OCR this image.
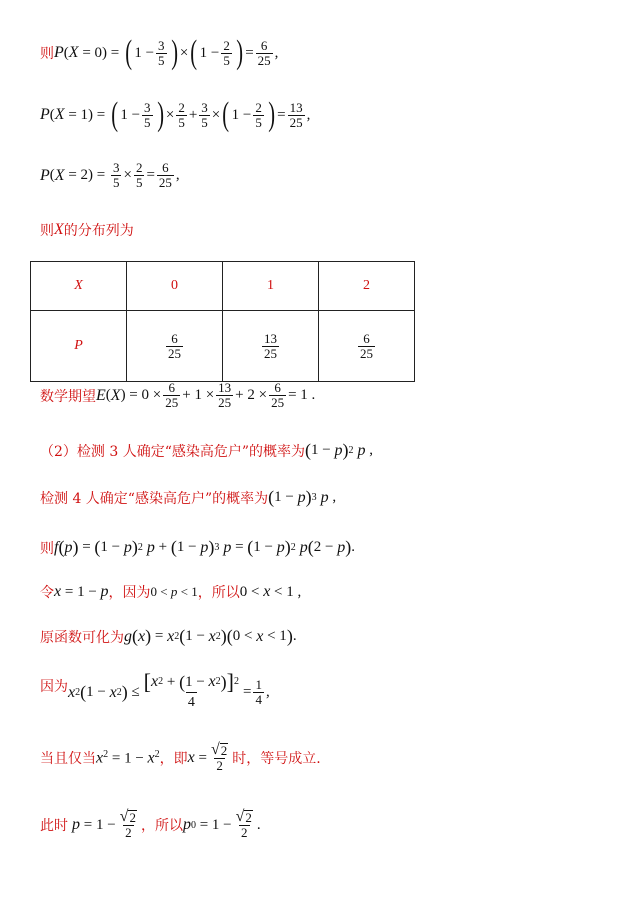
则 P ( X = 0) = ( $1 - \frac{3}{5}$ ) × ( $1 - \frac{2}{5}$ ) = $\frac{6}{25}$ ,
P ( X = 1) = ( $1 - \frac{3}{5}$ ) × $\frac{2}{5} + \frac{3}{5}$ × ( $1 - \frac{2}{5}$ ) = $\frac{13}{25}$ ,
P ( $X = 2) = \frac{3}{5} \times \frac{2}{5} = \frac{6}{25}$ ,
则 X 的分布列为
X	0	1	2
P	$\frac{6}{25}$	$\frac{13}{25}$	$\frac{6}{25}$
数学期望 E ( X ) = $0 \times \frac{6}{25} + 1 \times \frac{13}{25} + 2 \times \frac{6}{25} = 1$ .
（2）检测 3 人确定“感染高危户”的概率为 ( 1 − p ) 2 p ,
检测 4 人确定“感染高危户”的概率为 ( 1 − p ) 3 p ,
则 f ( p ) = ( 1 − p ) 2 p + ( 1 − p ) 3 p = ( 1 − p ) 2 p ( 2 − p ) .
令 x = 1 − p ，因为 0 < p < 1 ，所以 0 < x < 1 ,
原函数可化为 g ( x ) = x 2 ( 1 − x 2 ) ( 0 < x < 1 ) .
因为 x 2 ( 1 − x 2 ) ≤ $\frac{[ x 2 + ( 1 - x 2 ) ] 2}{4} = \frac{1}{4}$ ,
当且仅当 $x^2 = 1 - x^2$ ，即 $x = \frac{√ 2}{2}$ 时，等号成立.
此时 $p = 1 - \frac{√ 2}{2}$ ，所以 p $0 = 1 - \frac{√ 2}{2}$ .
